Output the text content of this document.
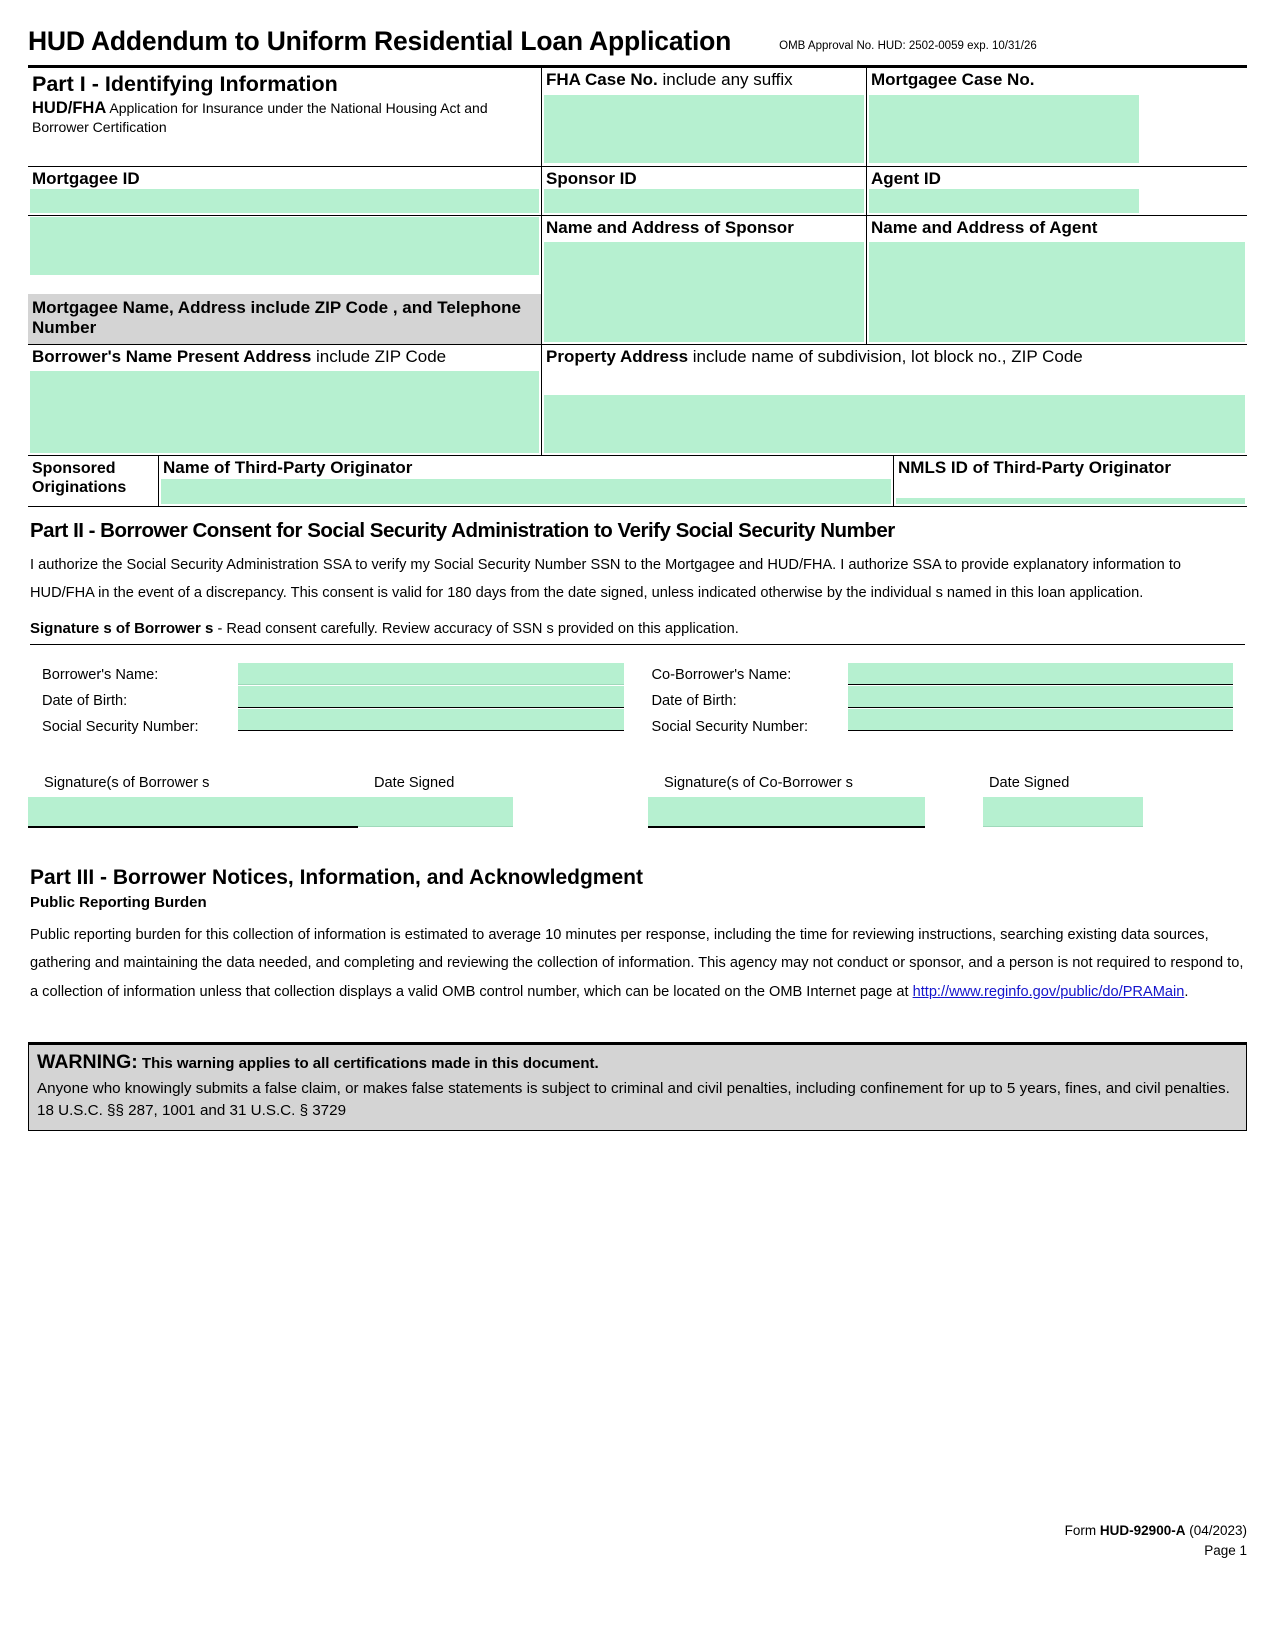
HUD Addendum to Uniform Residential Loan Application	OMB Approval No. HUD: 2502-0059 exp. 10/31/26
Part I - Identifying Information
HUD/FHA Application for Insurance under the National Housing Act and Borrower Certification
FHA Case No. include any suffix	Mortgagee Case No.
Mortgagee ID	Sponsor ID	Agent ID
Mortgagee Name, Address include ZIP Code , and Telephone Number
Name and Address of Sponsor	Name and Address of Agent
Borrower's Name Present Address include ZIP Code	Property Address include name of subdivision, lot block no., ZIP Code
Sponsored Originations
Name of Third-Party Originator	NMLS ID of Third-Party Originator
Part II - Borrower Consent for Social Security Administration to Verify Social Security Number
I authorize the Social Security Administration SSA to verify my Social Security Number SSN to the Mortgagee and HUD/FHA. I authorize SSA to provide explanatory information to HUD/FHA in the event of a discrepancy. This consent is valid for 180 days from the date signed, unless indicated otherwise by the individual s named in this loan application.
Signature s of Borrower s - Read consent carefully. Review accuracy of SSN s provided on this application.
Borrower's Name:
Date of Birth:
Social Security Number:
Co-Borrower's Name:
Date of Birth:
Social Security Number:
Signature(s of Borrower s	Date Signed	Signature(s of Co-Borrower s	Date Signed
Part III - Borrower Notices, Information, and Acknowledgment
Public Reporting Burden
Public reporting burden for this collection of information is estimated to average 10 minutes per response, including the time for reviewing instructions, searching existing data sources, gathering and maintaining the data needed, and completing and reviewing the collection of information. This agency may not conduct or sponsor, and a person is not required to respond to, a collection of information unless that collection displays a valid OMB control number, which can be located on the OMB Internet page at http://www.reginfo.gov/public/do/PRAMain.
WARNING: This warning applies to all certifications made in this document.
Anyone who knowingly submits a false claim, or makes false statements is subject to criminal and civil penalties, including confinement for up to 5 years, fines, and civil penalties. 18 U.S.C. §§ 287, 1001 and 31 U.S.C. § 3729
Form HUD-92900-A (04/2023)
Page 1
